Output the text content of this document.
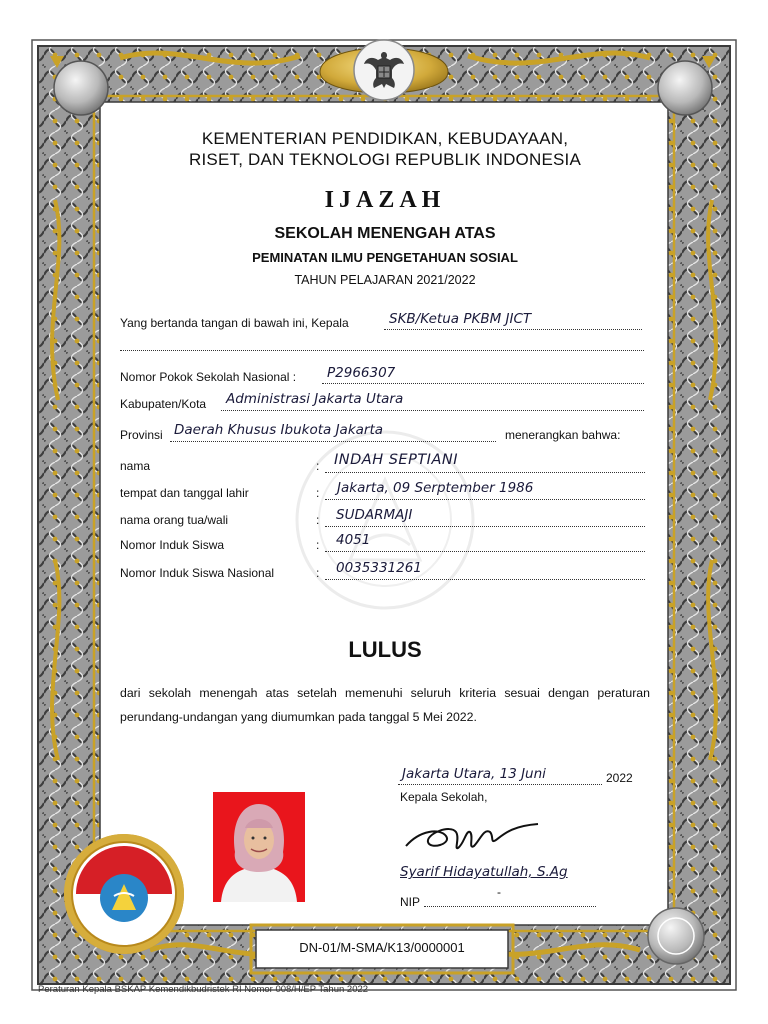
KEMENTERIAN PENDIDIKAN, KEBUDAYAAN,
RISET, DAN TEKNOLOGI REPUBLIK INDONESIA
IJAZAH
SEKOLAH MENENGAH ATAS
PEMINATAN ILMU PENGETAHUAN SOSIAL
TAHUN PELAJARAN 2021/2022
Yang bertanda tangan di bawah ini, Kepala	SKB/Ketua PKBM JICT
Nomor Pokok Sekolah Nasional : P2966307
Kabupaten/Kota Administrasi Jakarta Utara
Provinsi Daerah Khusus Ibukota Jakarta	menerangkan bahwa:
nama	: INDAH SEPTIANI
tempat dan tanggal lahir	: Jakarta, 09 Serptember 1986
nama orang tua/wali	: SUDARMAJI
Nomor Induk Siswa	: 4051
Nomor Induk Siswa Nasional	: 0035331261
LULUS
dari sekolah menengah atas setelah memenuhi seluruh kriteria sesuai dengan peraturan perundang-undangan yang diumumkan pada tanggal 5 Mei 2022.
Jakarta Utara, 13 Juni	2022
Kepala Sekolah,
Syarif Hidayatullah, S.Ag
NIP
-
DN-01/M-SMA/K13/0000001
Peraturan Kepala BSKAP Kemendikbudristek RI Nomor 008/H/EP Tahun 2022
